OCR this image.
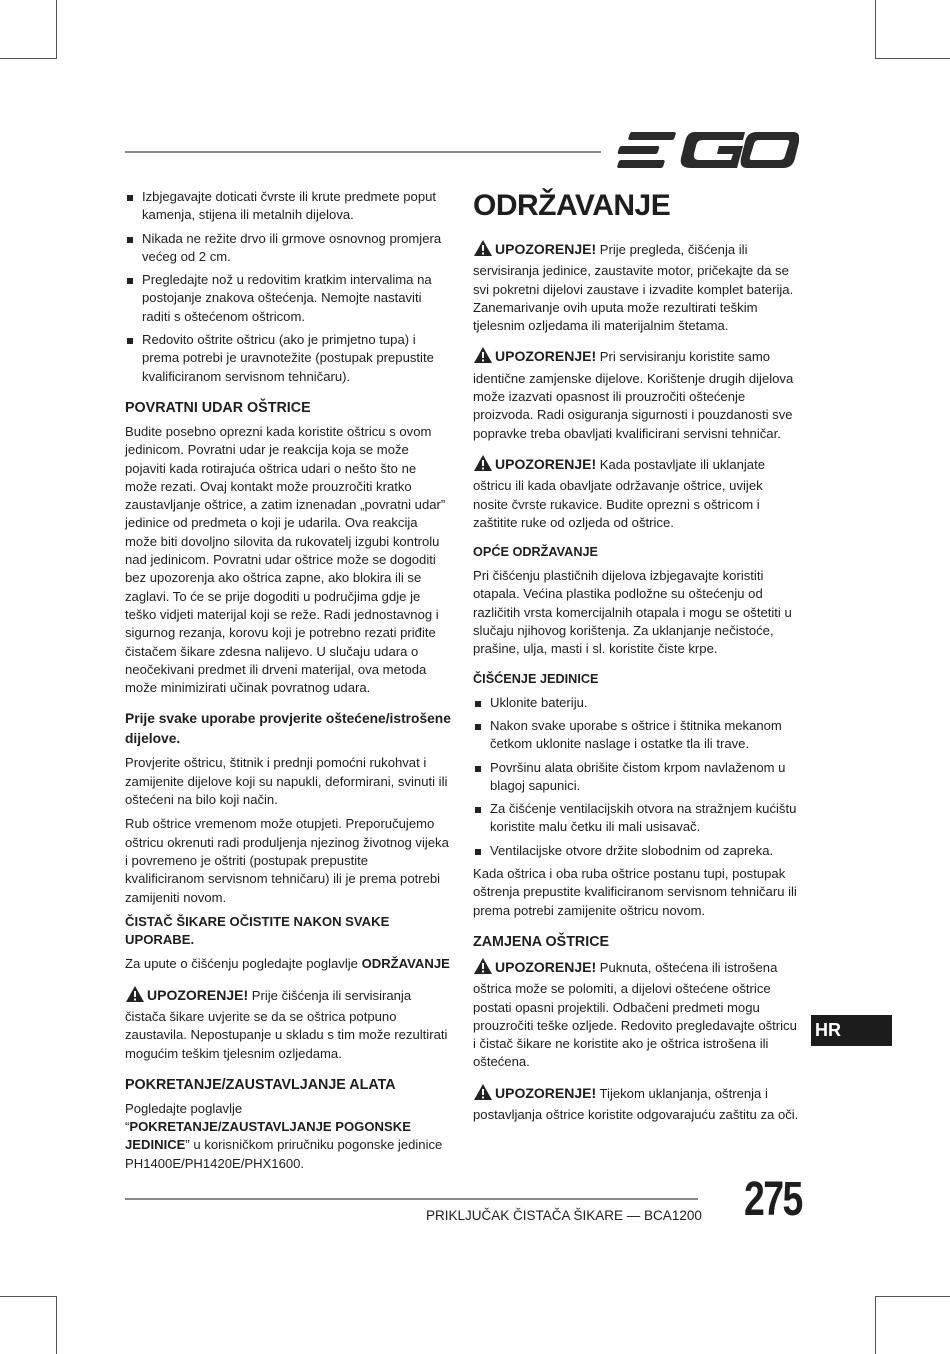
Izbjegavajte doticati čvrste ili krute predmete poput kamenja, stijena ili metalnih dijelova.
Nikada ne režite drvo ili grmove osnovnog promjera većeg od 2 cm.
Pregledajte nož u redovitim kratkim intervalima na postojanje znakova oštećenja. Nemojte nastaviti raditi s oštećenom oštricom.
Redovito oštrite oštricu (ako je primjetno tupa) i prema potrebi je uravnotežite (postupak prepustite kvalificiranom servisnom tehničaru).
POVRATNI UDAR OŠTRICE

Budite posebno oprezni kada koristite oštricu s ovom jedinicom. Povratni udar je reakcija koja se može pojaviti kada rotirajuća oštrica udari o nešto što ne može rezati. Ovaj kontakt može prouzročiti kratko zaustavljanje oštrice, a zatim iznenadan „povratni udar” jedinice od predmeta o koji je udarila. Ova reakcija može biti dovoljno silovita da rukovatelj izgubi kontrolu nad jedinicom. Povratni udar oštrice može se dogoditi bez upozorenja ako oštrica zapne, ako blokira ili se zaglavi. To će se prije dogoditi u područjima gdje je teško vidjeti materijal koji se reže. Radi jednostavnog i sigurnog rezanja, korovu koji je potrebno rezati priđite čistačem šikare zdesna nalijevo. U slučaju udara o neočekivani predmet ili drveni materijal, ova metoda može minimizirati učinak povratnog udara.

Prije svake uporabe provjerite oštećene/istrošene dijelove.

Provjerite oštricu, štitnik i prednji pomoćni rukohvat i zamijenite dijelove koji su napukli, deformirani, svinuti ili oštećeni na bilo koji način.

Rub oštrice vremenom može otupjeti. Preporučujemo oštricu okrenuti radi produljenja njezinog životnog vijeka i povremeno je oštriti (postupak prepustite kvalificiranom servisnom tehničaru) ili je prema potrebi zamijeniti novom.

ČISTAČ ŠIKARE OČISTITE NAKON SVAKE UPORABE.

Za upute o čišćenju pogledajte poglavlje ODRŽAVANJE

UPOZORENJE! Prije čišćenja ili servisiranja čistača šikare uvjerite se da se oštrica potpuno zaustavila. Nepostupanje u skladu s tim može rezultirati mogućim teškim tjelesnim ozljedama.
POKRETANJE/ZAUSTAVLJANJE ALATA

Pogledajte poglavlje “POKRETANJE/ZAUSTAVLJANJE POGONSKE JEDINICE” u korisničkom priručniku pogonske jedinice PH1400E/PH1420E/PHX1600.

ODRŽAVANJE
UPOZORENJE! Prije pregleda, čišćenja ili servisiranja jedinice, zaustavite motor, pričekajte da se svi pokretni dijelovi zaustave i izvadite komplet baterija. Zanemarivanje ovih uputa može rezultirati teškim tjelesnim ozljedama ili materijalnim štetama.
UPOZORENJE! Pri servisiranju koristite samo identične zamjenske dijelove. Korištenje drugih dijelova može izazvati opasnost ili prouzročiti oštećenje proizvoda. Radi osiguranja sigurnosti i pouzdanosti sve popravke treba obavljati kvalificirani servisni tehničar.
UPOZORENJE! Kada postavljate ili uklanjate oštricu ili kada obavljate održavanje oštrice, uvijek nosite čvrste rukavice. Budite oprezni s oštricom i zaštitite ruke od ozljeda od oštrice.
OPĆE ODRŽAVANJE

Pri čišćenju plastičnih dijelova izbjegavajte koristiti otapala. Većina plastika podložne su oštećenju od različitih vrsta komercijalnih otapala i mogu se oštetiti u slučaju njihovog korištenja. Za uklanjanje nečistoće, prašine, ulja, masti i sl. koristite čiste krpe.

ČIŠĆENJE JEDINICE
Uklonite bateriju.
Nakon svake uporabe s oštrice i štitnika mekanom četkom uklonite naslage i ostatke tla ili trave.
Površinu alata obrišite čistom krpom navlaženom u blagoj sapunici.
Za čišćenje ventilacijskih otvora na stražnjem kućištu koristite malu četku ili mali usisavač.
Ventilacijske otvore držite slobodnim od zapreka.

Kada oštrica i oba ruba oštrice postanu tupi, postupak oštrenja prepustite kvalificiranom servisnom tehničaru ili prema potrebi zamijenite oštricu novom.

ZAMJENA OŠTRICE
UPOZORENJE! Puknuta, oštećena ili istrošena oštrica može se polomiti, a dijelovi oštećene oštrice postati opasni projektili. Odbačeni predmeti mogu prouzročiti teške ozljede. Redovito pregledavajte oštricu i čistač šikare ne koristite ako je oštrica istrošena ili oštećena.
UPOZORENJE! Tijekom uklanjanja, oštrenja i postavljanja oštrice koristite odgovarajuću zaštitu za oči.
HR
PRIKLJUČAK ČISTAČA ŠIKARE — BCA1200 275
